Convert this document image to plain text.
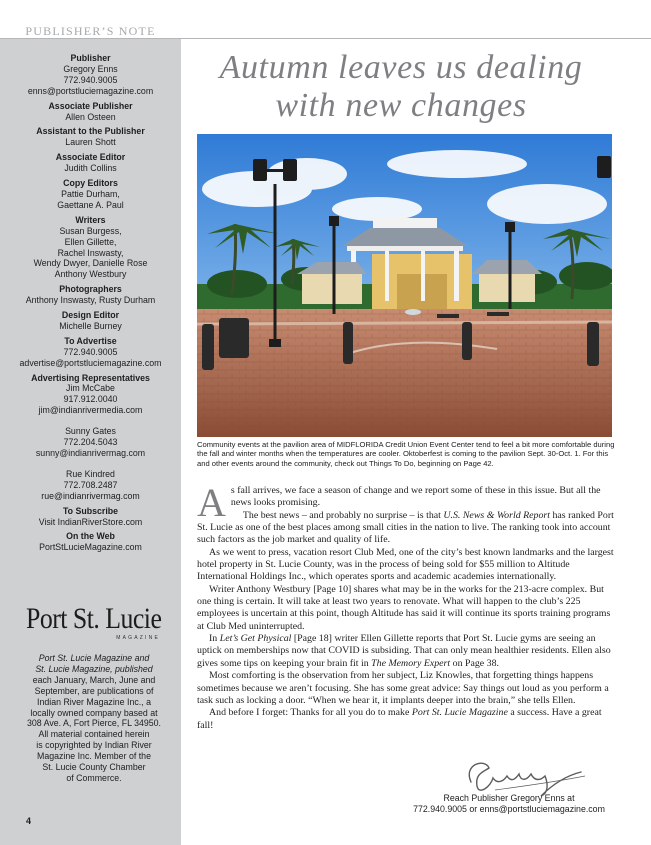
PUBLISHER’S NOTE
Publisher
Gregory Enns
772.940.9005
enns@portstluciemagazine.com
Associate Publisher
Allen Osteen
Assistant to the Publisher
Lauren Shott
Associate Editor
Judith Collins
Copy Editors
Pattie Durham,
Gaettane A. Paul
Writers
Susan Burgess,
Ellen Gillette,
Rachel Inswasty,
Wendy Dwyer, Danielle Rose
Anthony Westbury
Photographers
Anthony Inswasty, Rusty Durham
Design Editor
Michelle Burney
To Advertise
772.940.9005
advertise@portstluciemagazine.com
Advertising Representatives
Jim McCabe
917.912.0040
jim@indianrivermedia.com
Sunny Gates
772.204.5043
sunny@indianrivermag.com
Rue Kindred
772.708.2487
rue@indianrivermag.com
To Subscribe
Visit IndianRiverStore.com
On the Web
PortStLucieMagazine.com
Port St. Lucie
MAGAZINE
Port St. Lucie Magazine and
St. Lucie Magazine, published
each January, March, June and
September, are publications of
Indian River Magazine Inc., a
locally owned company based at
308 Ave. A, Fort Pierce, FL 34950.
All material contained herein
is copyrighted by Indian River
Magazine Inc. Member of the
St. Lucie County Chamber
of Commerce.
4
Autumn leaves us dealing
with new changes
Community events at the pavilion area of MIDFLORIDA Credit Union Event Center tend to feel a bit more comfortable during the fall and winter months when the temperatures are cooler. Oktoberfest is coming to the pavilion Sept. 30-Oct. 1. For this and other events around the community, check out Things To Do, beginning on Page 42.

As fall arrives, we face a season of change and we report some of these in this issue. But all the news looks promising.

The best news – and probably no surprise – is that U.S. News & World Report has ranked Port St. Lucie as one of the best places among small cities in the nation to live. The ranking took into account such factors as the job market and quality of life.

As we went to press, vacation resort Club Med, one of the city’s best known landmarks and the largest hotel property in St. Lucie County, was in the process of being sold for $55 million to Altitude International Holdings Inc., which operates sports and academic academies internationally.

Writer Anthony Westbury [Page 10] shares what may be in the works for the 213-acre complex. But one thing is certain. It will take at least two years to renovate. What will happen to the club’s 225 employees is uncertain at this point, though Altitude has said it will continue its sports training programs at Club Med uninterrupted.

In Let’s Get Physical [Page 18] writer Ellen Gillette reports that Port St. Lucie gyms are seeing an uptick on memberships now that COVID is subsiding. That can only mean healthier residents. Ellen also gives some tips on keeping your brain fit in The Memory Expert on Page 38.

Most comforting is the observation from her subject, Liz Knowles, that forgetting things happens sometimes because we aren’t focusing. She has some great advice: Say things out loud as you perform a task such as locking a door. “When we hear it, it implants deeper into the brain,” she tells Ellen.

And before I forget: Thanks for all you do to make Port St. Lucie Magazine a success. Have a great fall!

Reach Publisher Gregory Enns at
772.940.9005 or enns@portstluciemagazine.com
